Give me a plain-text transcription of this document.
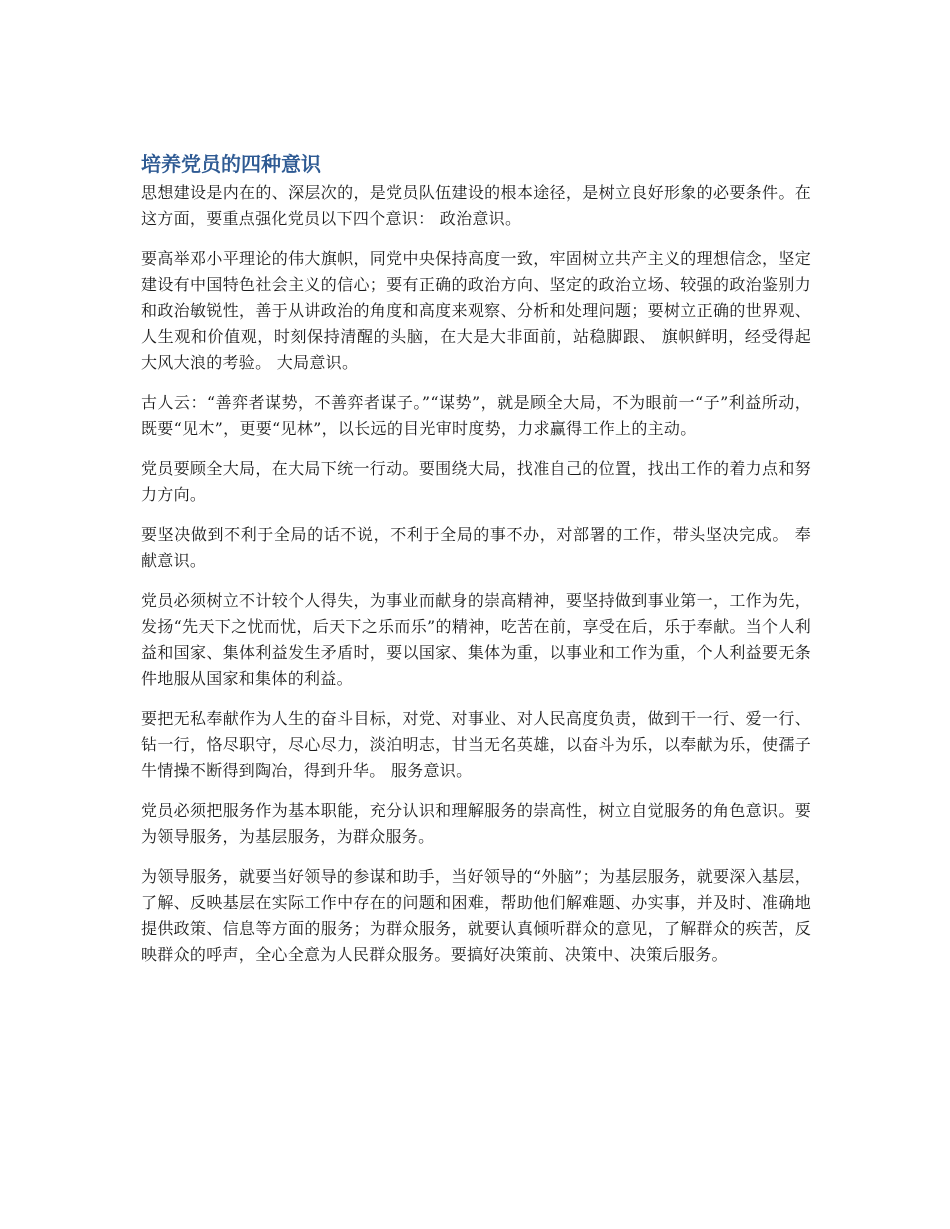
培养党员的四种意识

思想建设是内在的、深层次的，是党员队伍建设的根本途径，是树立良好形象的必要条件。在这方面，要重点强化党员以下四个意识： 政治意识。

要高举邓小平理论的伟大旗帜，同党中央保持高度一致，牢固树立共产主义的理想信念，坚定建设有中国特色社会主义的信心；要有正确的政治方向、坚定的政治立场、较强的政治鉴别力和政治敏锐性，善于从讲政治的角度和高度来观察、分析和处理问题；要树立正确的世界观、人生观和价值观，时刻保持清醒的头脑，在大是大非面前，站稳脚跟、 旗帜鲜明，经受得起大风大浪的考验。 大局意识。

古人云：“善弈者谋势，不善弈者谋子。”“谋势”，就是顾全大局，不为眼前一“子”利益所动，既要“见木”，更要“见林”，以长远的目光审时度势，力求赢得工作上的主动。

党员要顾全大局，在大局下统一行动。要围绕大局，找准自己的位置，找出工作的着力点和努力方向。

要坚决做到不利于全局的话不说，不利于全局的事不办，对部署的工作，带头坚决完成。 奉献意识。

党员必须树立不计较个人得失，为事业而献身的崇高精神，要坚持做到事业第一，工作为先，发扬“先天下之忧而忧，后天下之乐而乐”的精神，吃苦在前，享受在后，乐于奉献。当个人利益和国家、集体利益发生矛盾时，要以国家、集体为重，以事业和工作为重，个人利益要无条件地服从国家和集体的利益。

要把无私奉献作为人生的奋斗目标，对党、对事业、对人民高度负责，做到干一行、爱一行、钻一行，恪尽职守，尽心尽力，淡泊明志，甘当无名英雄，以奋斗为乐，以奉献为乐，使孺子牛情操不断得到陶冶，得到升华。 服务意识。

党员必须把服务作为基本职能，充分认识和理解服务的崇高性，树立自觉服务的角色意识。要为领导服务，为基层服务，为群众服务。

为领导服务，就要当好领导的参谋和助手，当好领导的“外脑”；为基层服务，就要深入基层，了解、反映基层在实际工作中存在的问题和困难，帮助他们解难题、办实事，并及时、准确地提供政策、信息等方面的服务；为群众服务，就要认真倾听群众的意见，了解群众的疾苦，反映群众的呼声，全心全意为人民群众服务。要搞好决策前、决策中、决策后服务。
